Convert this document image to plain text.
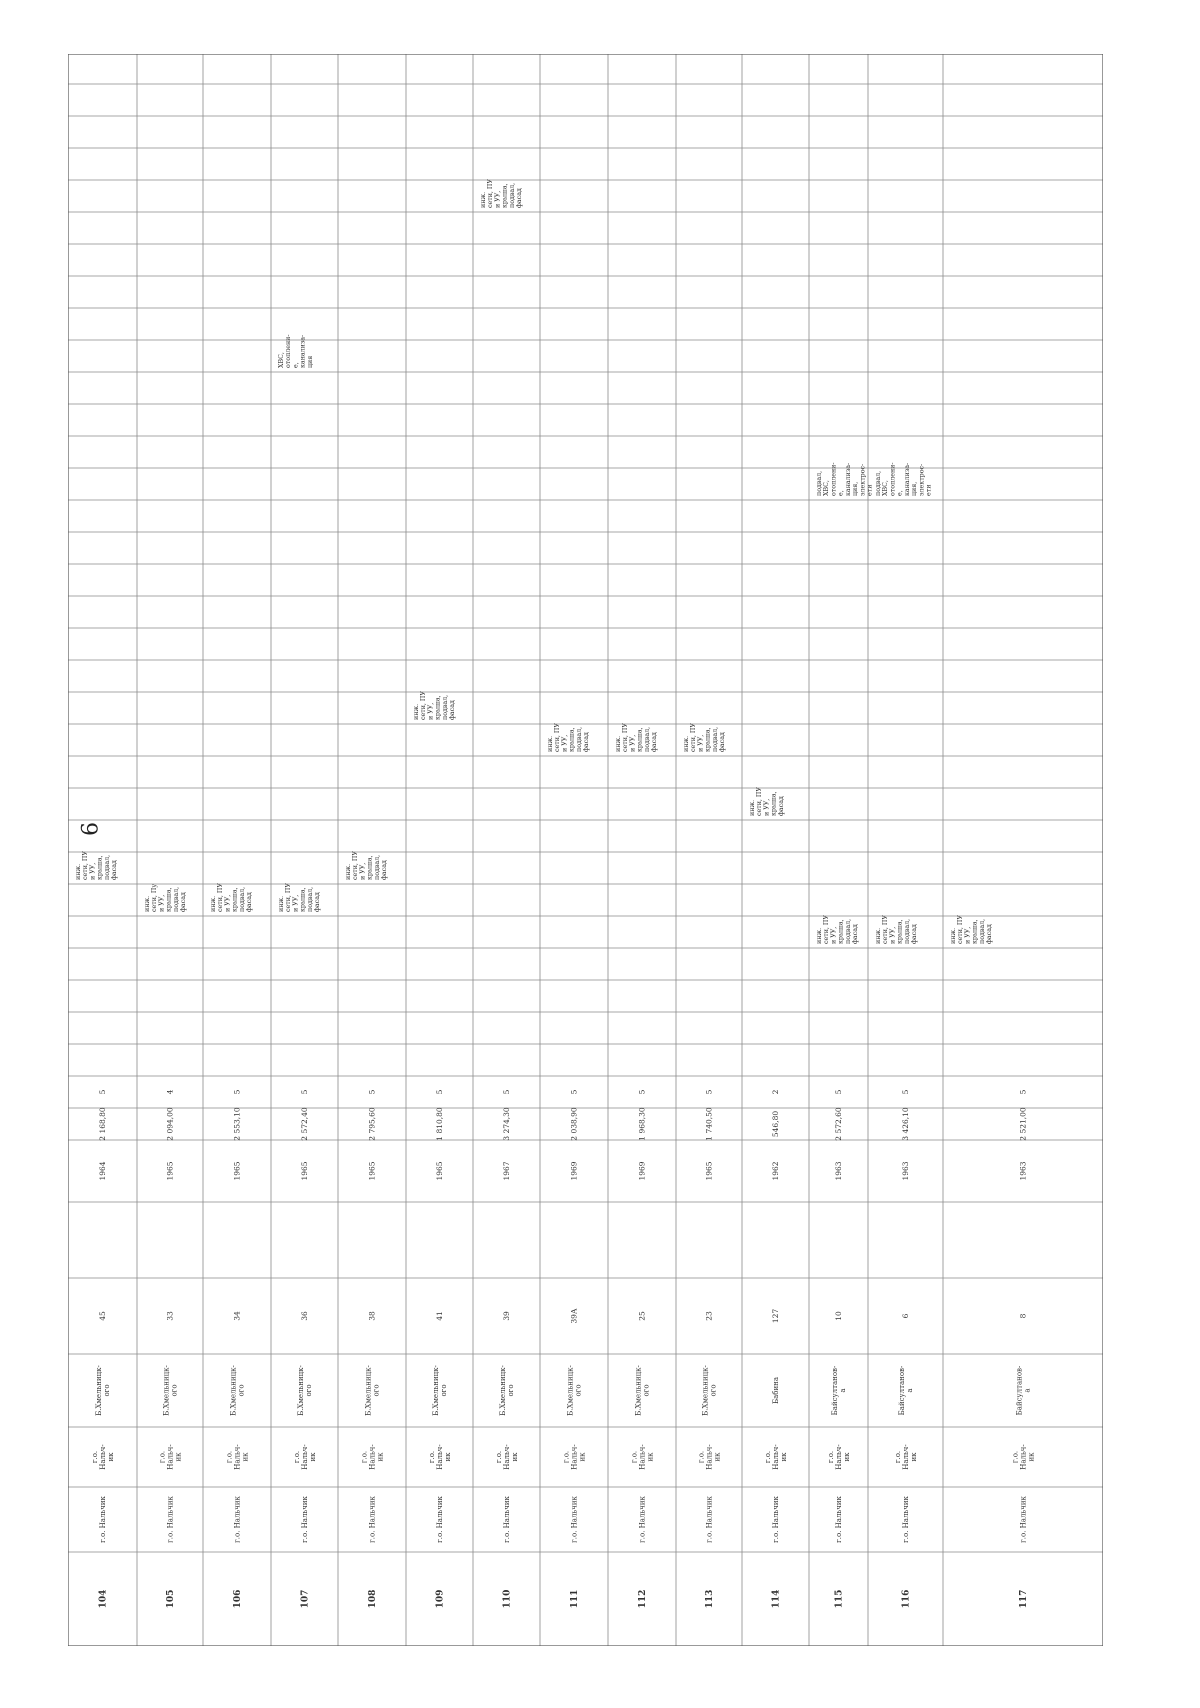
9
104
г.о. Нальчик
г.о. Нальч- ик
Б.Хмельницк- ого
45
1964
2 168,80
5
инж. сети, ПУ и УУ, крыша, подвал, фасад
105
г.о. Нальчик
г.о. Нальч- ик
Б.Хмельницк- ого
33
1965
2 094,00
4
инж. сети, Пу и УУ, крыша, подвал, фасад
106
г.о. Нальчик
г.о. Нальч- ик
Б.Хмельницк- ого
34
1965
2 553,10
5
инж. сети, ПУ и УУ, крыша, подвал, фасад
107
г.о. Нальчик
г.о. Нальч- ик
Б.Хмельницк- ого
36
1965
2 572,40
5
ХВС, отоплени- е, канализа- ция
инж. сети, ПУ и УУ, крыша, подвал, фасад
108
г.о. Нальчик
г.о. Нальч- ик
Б.Хмельницк- ого
38
1965
2 795,60
5
инж. сети, ПУ и УУ, крыша, подвал, фасад
109
г.о. Нальчик
г.о. Нальч- ик
Б.Хмельницк- ого
41
1965
1 810,80
5
инж. сети, ПУ и УУ, крыша, подвал, фасад
110
г.о. Нальчик
г.о. Нальч- ик
Б.Хмельницк- ого
39
1967
3 274,30
5
инж. сети, ПУ и УУ, крыша, подвал, фасад
111
г.о. Нальчик
г.о. Нальч- ик
Б.Хмельницк- ого
39А
1969
2 038,90
5
инж. сети, ПУ и УУ, крыша, подвал, фасад
112
г.о. Нальчик
г.о. Нальч- ик
Б.Хмельницк- ого
25
1969
1 968,30
5
инж. сети, ПУ и УУ, крыша, подвал, фасад
113
г.о. Нальчик
г.о. Нальч- ик
Б.Хмельницк- ого
23
1965
1 740,50
5
инж. сети, ПУ и УУ, крыша, подвал, фасад
114
г.о. Нальчик
г.о. Нальч- ик
Бабина
127
1962
546,80
2
инж. сети, ПУ и УУ, крыша, фасад
115
г.о. Нальчик
г.о. Нальч- ик
Байсултанов- а
10
1963
2 572,60
5
подвал, ХВС, отоплени- е, канализа- ция, электрос- ети
инж. сети, ПУ и УУ, крыша, подвал, фасад
116
г.о. Нальчик
г.о. Нальч- ик
Байсултанов- а
6
1963
3 426,10
5
подвал, ХВС, отоплени- е, канализа- ция, электрос- ети
инж. сети, ПУ и УУ, крыша, подвал, фасад
117
г.о. Нальчик
г.о. Нальч- ик
Байсултанов- а
8
1963
2 521,00
5
инж. сети, ПУ и УУ, крыша, подвал, фасад
